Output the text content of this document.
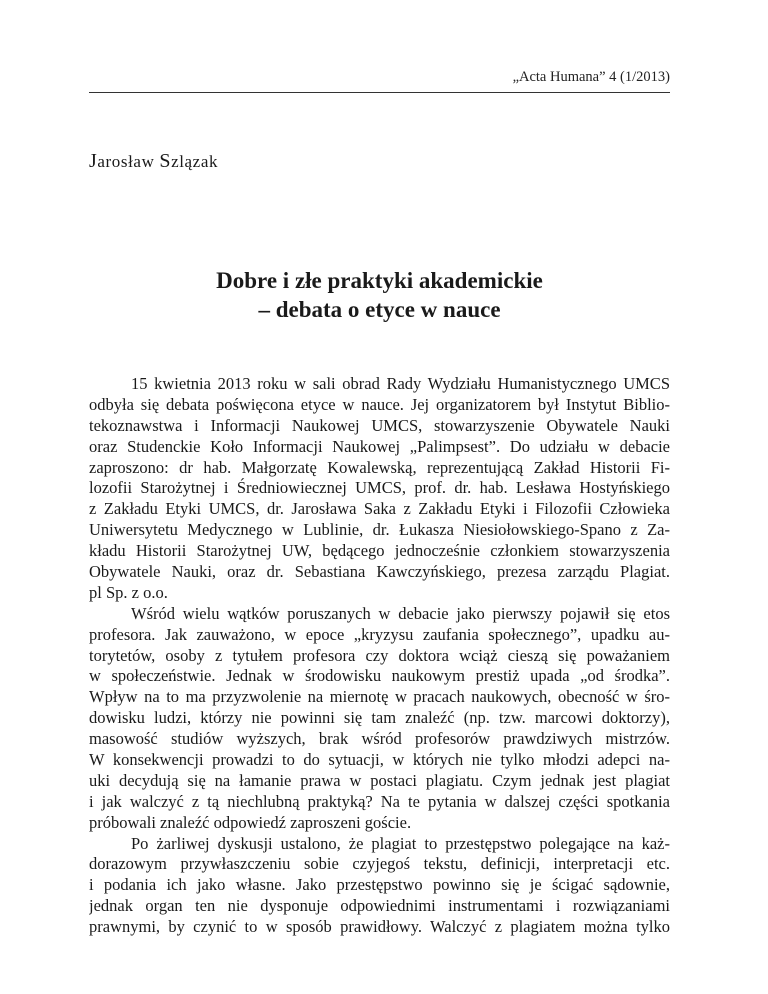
„Acta Humana” 4 (1/2013)
Jarosław Szlązak
Dobre i złe praktyki akademickie
– debata o etyce w nauce

15 kwietnia 2013 roku w sali obrad Rady Wydziału Humanistycznego UMCS
odbyła się debata poświęcona etyce w nauce. Jej organizatorem był Instytut Biblio-
tekoznawstwa i Informacji Naukowej UMCS, stowarzyszenie Obywatele Nauki
oraz Studenckie Koło Informacji Naukowej „Palimpsest”. Do udziału w debacie
zaproszono: dr hab. Małgorzatę Kowalewską, reprezentującą Zakład Historii Fi-
lozofii Starożytnej i Średniowiecznej UMCS, prof. dr. hab. Lesława Hostyńskiego
z Zakładu Etyki UMCS, dr. Jarosława Saka z Zakładu Etyki i Filozofii Człowieka
Uniwersytetu Medycznego w Lublinie, dr. Łukasza Niesiołowskiego-Spano z Za-
kładu Historii Starożytnej UW, będącego jednocześnie członkiem stowarzyszenia
Obywatele Nauki, oraz dr. Sebastiana Kawczyńskiego, prezesa zarządu Plagiat.
pl Sp. z o.o.

Wśród wielu wątków poruszanych w debacie jako pierwszy pojawił się etos
profesora. Jak zauważono, w epoce „kryzysu zaufania społecznego”, upadku au-
torytetów, osoby z tytułem profesora czy doktora wciąż cieszą się poważaniem
w społeczeństwie. Jednak w środowisku naukowym prestiż upada „od środka”.
Wpływ na to ma przyzwolenie na miernotę w pracach naukowych, obecność w śro-
dowisku ludzi, którzy nie powinni się tam znaleźć (np. tzw. marcowi doktorzy),
masowość studiów wyższych, brak wśród profesorów prawdziwych mistrzów.
W konsekwencji prowadzi to do sytuacji, w których nie tylko młodzi adepci na-
uki decydują się na łamanie prawa w postaci plagiatu. Czym jednak jest plagiat
i jak walczyć z tą niechlubną praktyką? Na te pytania w dalszej części spotkania
próbowali znaleźć odpowiedź zaproszeni goście.

Po żarliwej dyskusji ustalono, że plagiat to przestępstwo polegające na każ-
dorazowym przywłaszczeniu sobie czyjegoś tekstu, definicji, interpretacji etc.
i podania ich jako własne. Jako przestępstwo powinno się je ścigać sądownie,
jednak organ ten nie dysponuje odpowiednimi instrumentami i rozwiązaniami
prawnymi, by czynić to w sposób prawidłowy. Walczyć z plagiatem można tylko
